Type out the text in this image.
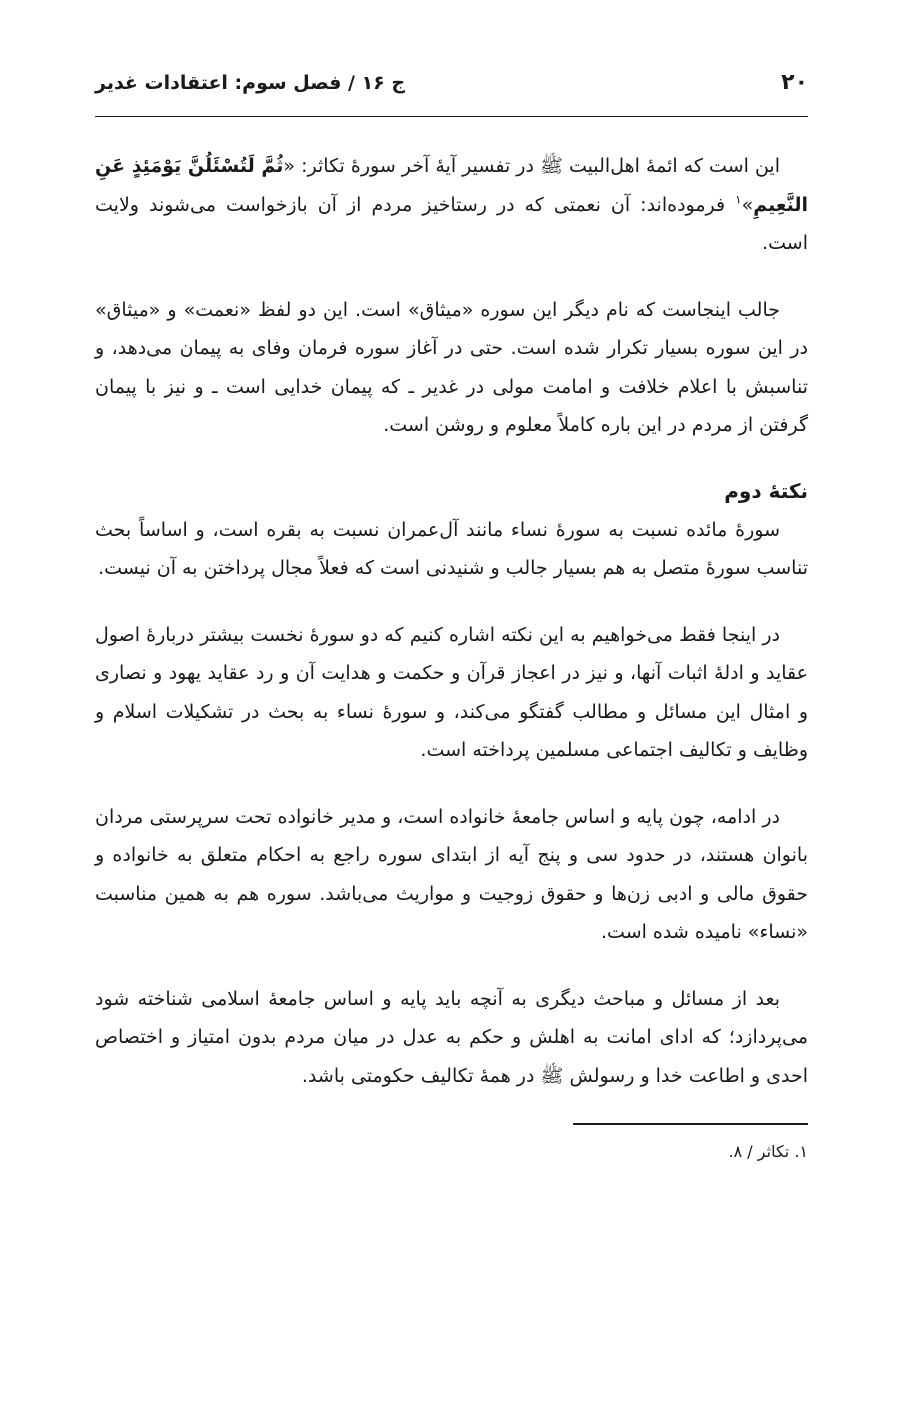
۲۰
ج ۱۶ / فصل سوم: اعتقادات غدیر

این است که ائمۀ اهل‌البیت ﷺ در تفسیر آیۀ آخر سورۀ تکاثر: «ثُمَّ لَتُسْئَلُنَّ يَوْمَئِذٍ عَنِ النَّعِيمِ»$^۱$ فرموده‌اند: آن نعمتی که در رستاخیز مردم از آن بازخواست می‌شوند ولایت است.

جالب اینجاست که نام دیگر این سوره «میثاق» است. این دو لفظ «نعمت» و «میثاق» در این سوره بسیار تکرار شده است. حتی در آغاز سوره فرمان وفای به پیمان می‌دهد، و تناسبش با اعلام خلافت و امامت مولی در غدیر ـ که پیمان خدایی است ـ و نیز با پیمان گرفتن از مردم در این باره کاملاً معلوم و روشن است.

نکتۀ دوم

سورۀ مائده نسبت به سورۀ نساء مانند آل‌عمران نسبت به بقره است، و اساساً بحث تناسب سورۀ متصل به هم بسیار جالب و شنیدنی است که فعلاً مجال پرداختن به آن نیست.

در اینجا فقط می‌خواهیم به این نکته اشاره کنیم که دو سورۀ نخست بیشتر دربارۀ اصول عقاید و ادلۀ اثبات آنها، و نیز در اعجاز قرآن و حکمت و هدایت آن و رد عقاید یهود و نصاری و امثال این مسائل و مطالب گفتگو می‌کند، و سورۀ نساء به بحث در تشکیلات اسلام و وظایف و تکالیف اجتماعی مسلمین پرداخته است.

در ادامه، چون پایه و اساس جامعۀ خانواده است، و مدیر خانواده تحت سرپرستی مردان بانوان هستند، در حدود سی و پنج آیه از ابتدای سوره راجع به احکام متعلق به خانواده و حقوق مالی و ادبی زن‌ها و حقوق زوجیت و مواریث می‌باشد. سوره هم به همین مناسبت «نساء» نامیده شده است.

بعد از مسائل و مباحث دیگری به آنچه باید پایه و اساس جامعۀ اسلامی شناخته شود می‌پردازد؛ که ادای امانت به اهلش و حکم به عدل در میان مردم بدون امتیاز و اختصاص احدی و اطاعت خدا و رسولش ﷺ در همۀ تکالیف حکومتی باشد.

۱. تکاثر / ۸.
